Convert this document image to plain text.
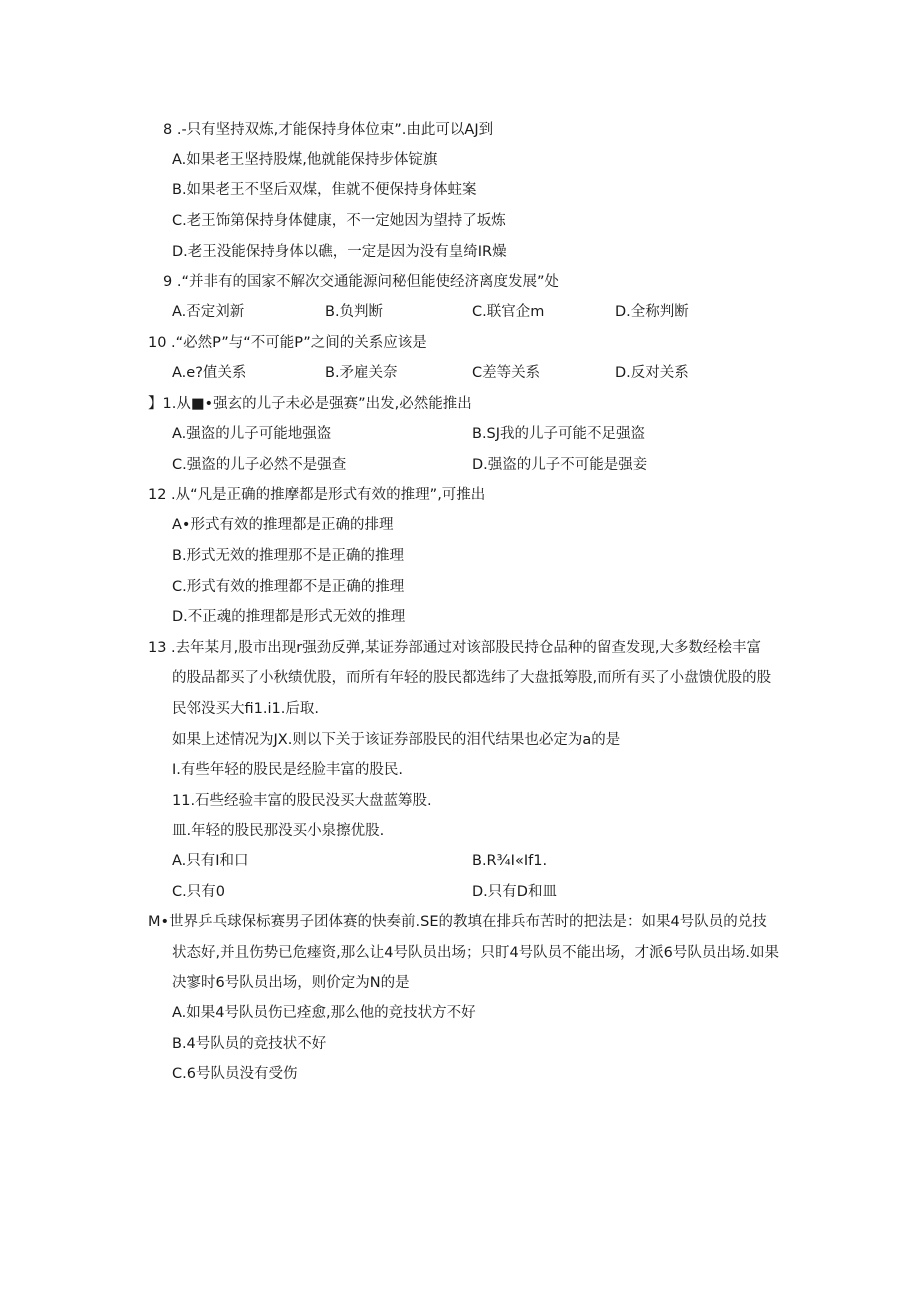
8 .-只有坚持双炼,才能保持身体位束”.由此可以AJ到
A.如果老王坚持股煤,他就能保持步体锭旗
B.如果老王不坚后双煤，隹就不便保持身体蛀案
C.老王饰第保持身体健康，不一定她因为望持了坂炼
D.老王没能保持身体以礁，一定是因为没有皇绮IR燥
9 .“并非有的国家不解次交通能源问秘但能使经济离度发展”处
A.否定刘新	B.负判断	C.联官企m	D.全称判断
10 .“必然P”与“不可能P”之间的关系应该是
A.e?值关系	B.矛雇关奈	C差等关系	D.反对关系
】1.从■•强玄的儿子未必是强赛”出发,必然能推出
A.强盗的儿子可能地强盗	B.SJ我的儿子可能不足强盗
C.强盗的儿子必然不是强查	D.强盗的儿子不可能是强妾
12 .从“凡是正确的推摩都是形式有效的推理”,可推出
A•形式有效的推理都是正确的排理
B.形式无效的推理那不是正确的推理
C.形式有效的推理都不是正确的推理
D.不正魂的推理都是形式无效的推理
13 .去年某月,股市出现r强劲反弹,某证券部通过对该部股民持仓品种的留查发现,大多数经桧丰富
的股品都买了小秋绩优股，而所有年轻的股民都选纬了大盘抵筹股,而所有买了小盘馈优股的股
民邻没买大fi1.i1.后取.
如果上述情况为JX.则以下关于该证券部股民的泪代结果也必定为a的是
I.有些年轻的股民是经脸丰富的股民.
11.石些经验丰富的股民没买大盘蓝筹股.
皿.年轻的股民那没买小泉擦优股.
A.只有I和口	B.R¾I«If1.
C.只有0	D.只有D和皿
M•世界乒乓球保标赛男子团体赛的快奏前.SE的教填在排兵布苦时的把法是：如果4号队员的兑技
状态好,并且伤势已危瘗资,那么让4号队员出场；只盯4号队员不能出场，才派6号队员出场.如果
决寥时6号队员出场，则价定为N的是
A.如果4号队员伤已痊愈,那么他的竞技状方不好
B.4号队员的竞技状不好
C.6号队员没有受伤
